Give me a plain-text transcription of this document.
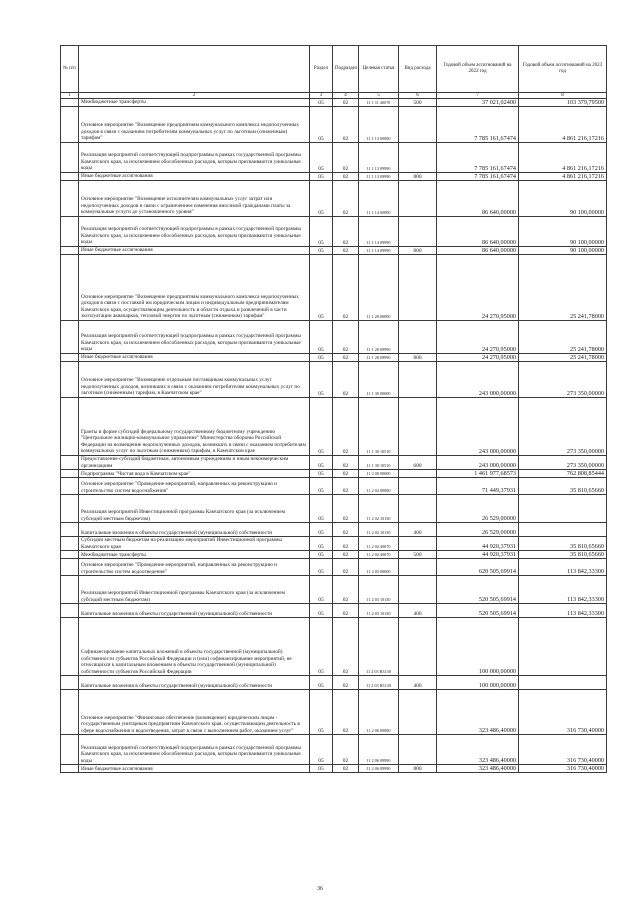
№ п/п		Раздел	Подраздел	Целевая статья	Вид расхода	Годовой объем ассигнований на 2022 год	Годовой объем ассигнований на 2023 год
1	2	3	4	5	6	7	8
	Межбюджетные трансферты	05	02	11 1 11 40070	500	37 021,02400	103 379,79500
	Основное мероприятие "Возмещение предприятиям коммунального комплекса недополученных доходов в связи с оказанием потребителям коммунальных услуг по льготным (сниженным) тарифам"	05	02	11 1 13 00000		7 785 161,67474	4 861 216,17216
	Реализация мероприятий соответствующей подпрограммы в рамках государственной программы Камчатского края, за исключением обособленных расходов, которым присваиваются уникальные коды	05	02	11 1 13 09990		7 785 161,67474	4 861 216,17216
	Иные бюджетные ассигнования	05	02	11 1 13 09990	800	7 785 161,67474	4 861 216,17216
	Основное мероприятие "Возмещение исполнителям коммунальных услуг затрат или недополученных доходов в связи с ограничением изменения вносимой гражданами платы за коммунальные услуги до установленного уровня"	05	02	11 1 14 00000		86 640,00000	90 100,00000
	Реализация мероприятий соответствующей подпрограммы в рамках государственной программы Камчатского края, за исключением обособленных расходов, которым присваиваются уникальные коды	05	02	11 1 14 09990		86 640,00000	90 100,00000
	Иные бюджетные ассигнования	05	02	11 1 14 09990	800	86 640,00000	90 100,00000
	Основное мероприятие "Возмещение предприятиям коммунального комплекса недополученных доходов в связи с поставкой им юридическим лицам и индивидуальным предпринимателям Камчатского края, осуществляющим деятельность в области отдыха и развлечений в части эксплуатации аквапарков, тепловой энергии по льготным (сниженным) тарифам"	05	02	11 1 28 00000		24 270,95000	25 241,78000
	Реализация мероприятий соответствующей подпрограммы в рамках государственной программы Камчатского края, за исключением обособленных расходов, которым присваиваются уникальные коды	05	02	11 1 28 09990		24 270,95000	25 241,78000
	Иные бюджетные ассигнования	05	02	11 1 28 09990	800	24 270,95000	25 241,78000
	Основное мероприятие "Возмещение отдельным поставщикам коммунальных услуг недополученных доходов, возникших в связи с оказанием потребителям коммунальных услуг по льготным (сниженным) тарифам, в Камчатском крае"	05	02	11 1 30 00000		243 000,00000	273 350,00000
	Гранты в форме субсидий федеральному государственному бюджетному учреждению "Центральное жилищно-коммунальное управление" Министерства обороны Российской Федерации на возмещение недополученных доходов, возникших в связи с оказанием потребителям коммунальных услуг по льготным (сниженным) тарифам, в Камчатском крае	05	02	11 1 30 10510		243 000,00000	273 350,00000
	Предоставление субсидий бюджетным, автономным учреждениям и иным некоммерческим организациям	05	02	11 1 30 10510	600	243 000,00000	273 350,00000
	Подпрограмма "Чистая вода в Камчатском крае"	05	02	11 2 00 00000		1 461 977,68573	762 808,85444
	Основное мероприятие "Проведение мероприятий, направленных на реконструкцию и строительство систем водоснабжения"	05	02	11 2 02 00000		71 449,37931	35 810,65660
	Реализация мероприятий Инвестиционной программы Камчатского края (за исключением субсидий местным бюджетам)	05	02	11 2 02 10130		26 529,00000	
	Капитальные вложения в объекты государственной (муниципальной) собственности	05	02	11 2 02 10130	400	26 529,00000	
	Субсидии местным бюджетам на реализацию мероприятий Инвестиционной программы Камчатского края	05	02	11 2 02 40070		44 920,37931	35 810,65660
	Межбюджетные трансферты	05	02	11 2 02 40070	500	44 920,37931	35 810,65660
	Основное мероприятие "Проведение мероприятий, направленных на реконструкцию и строительство систем водоотведения"	05	02	11 2 03 00000		620 505,69914	113 842,33300
	Реализация мероприятий Инвестиционной программы Камчатского края (за исключением субсидий местным бюджетам)	05	02	11 2 03 10130		520 505,69914	113 842,33300
	Капитальные вложения в объекты государственной (муниципальной) собственности	05	02	11 2 03 10130	400	520 505,69914	113 842,33300
	Софинансирование капитальных вложений в объекты государственной (муниципальной) собственности субъектов Российской Федерации и (или) софинансирование мероприятий, не относящихся к капитальным вложениям в объекты государственной (муниципальной) собственности субъектов Российской Федерации	05	02	11 2 03 R3130		100 000,00000	
	Капитальные вложения в объекты государственной (муниципальной) собственности	05	02	11 2 03 R3130	400	100 000,00000	
	Основное мероприятие "Финансовое обеспечение (возмещение) юридическим лицам - государственным унитарным предприятиям Камчатского края, осуществляющим деятельность в сфере водоснабжения и водоотведения, затрат в связи с выполнением работ, оказанием услуг"	05	02	11 2 06 00000		323 486,40000	316 730,40000
	Реализация мероприятий соответствующей подпрограммы в рамках государственной программы Камчатского края, за исключением обособленных расходов, которым присваиваются уникальные коды	05	02	11 2 06 09990		323 486,40000	316 730,40000
	Иные бюджетные ассигнования	05	02	11 2 06 09990	800	323 486,40000	316 730,40000
36
